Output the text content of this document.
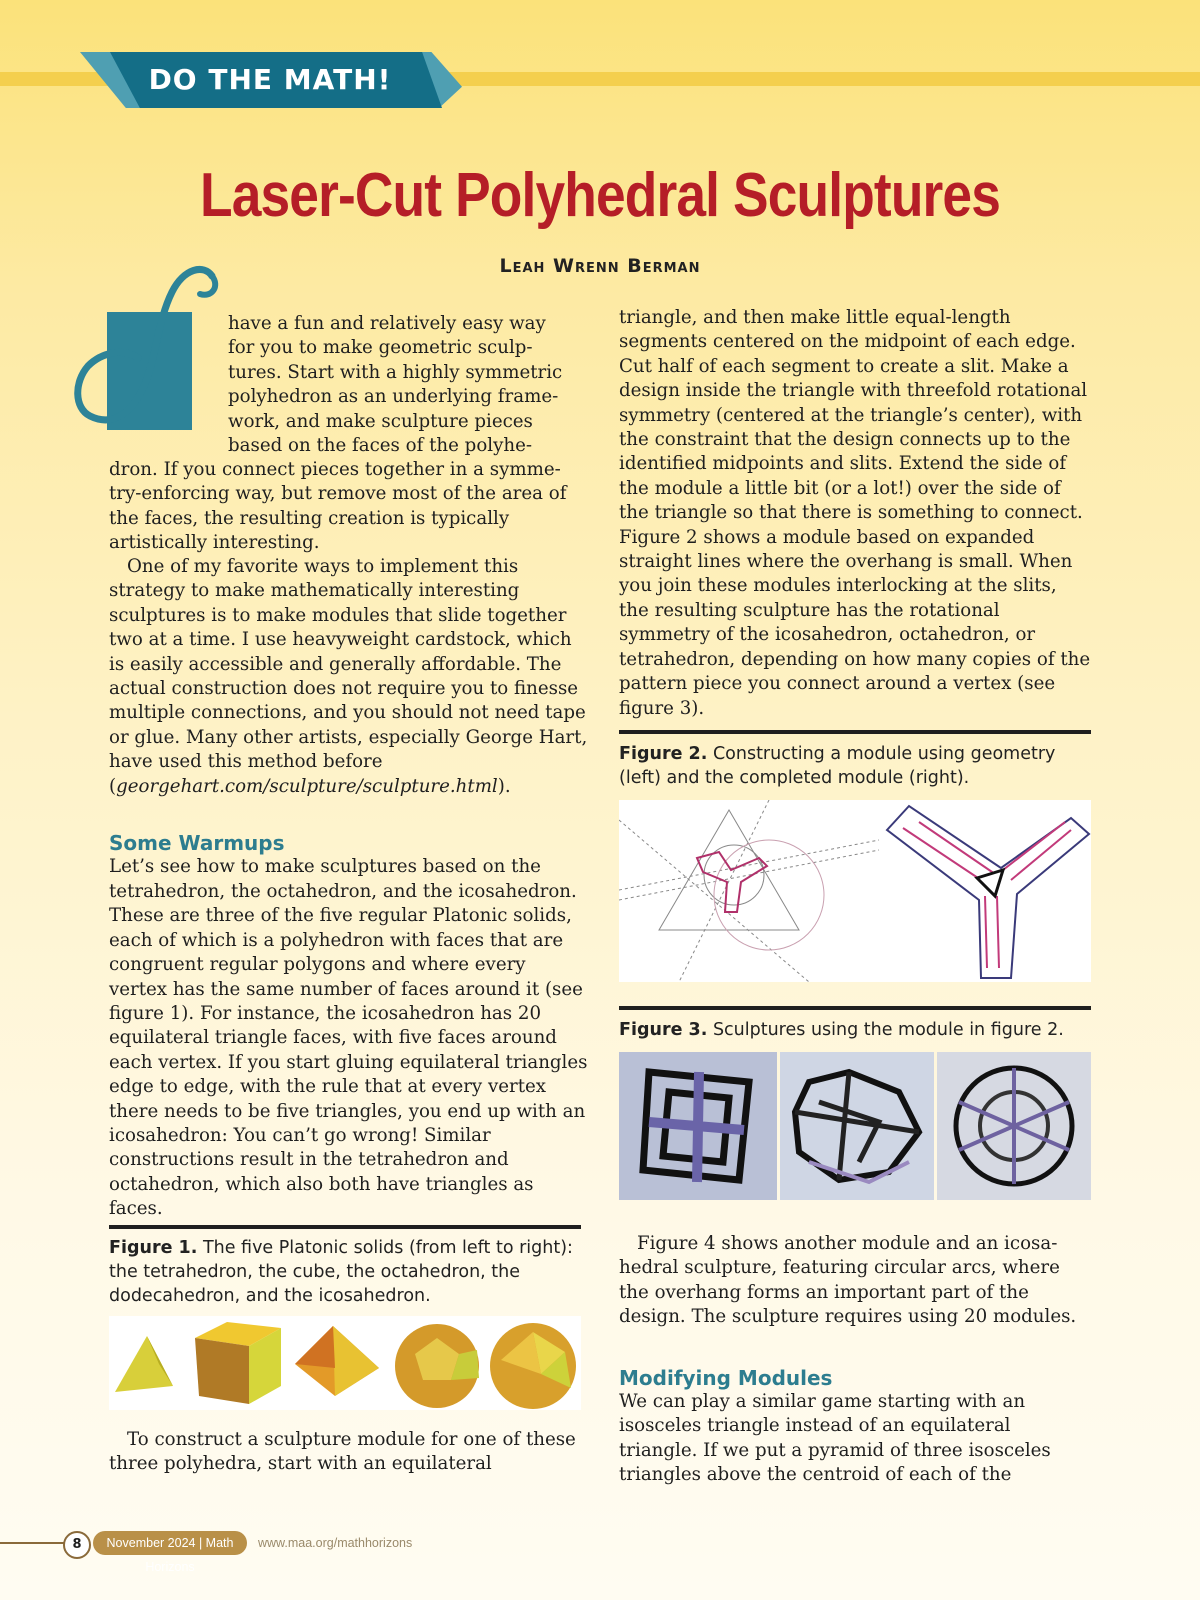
DO THE MATH!
Laser-Cut Polyhedral Sculptures
Leah Wrenn Berman

have a fun and relatively easy way

for you to make geometric sculp-

tures. Start with a highly symmetric

polyhedron as an underlying frame-

work, and make sculpture pieces

based on the faces of the polyhe-

dron. If you connect pieces together in a symme-try-enforcing way, but remove most of the area of the faces, the resulting creation is typically artistically interesting.

One of my favorite ways to implement this strategy to make mathematically interesting sculptures is to make modules that slide together two at a time. I use heavyweight cardstock, which is easily accessible and generally affordable. The actual construction does not require you to finesse multiple connections, and you should not need tape or glue. Many other artists, especially George Hart, have used this method before (georgehart.com/sculpture/sculpture.html).

Some Warmups

Let’s see how to make sculptures based on the tetrahedron, the octahedron, and the icosahedron. These are three of the five regular Platonic solids, each of which is a polyhedron with faces that are congruent regular polygons and where every vertex has the same number of faces around it (see figure 1). For instance, the icosahedron has 20 equilateral triangle faces, with five faces around each vertex. If you start gluing equilateral triangles edge to edge, with the rule that at every vertex there needs to be five triangles, you end up with an icosahedron: You can’t go wrong! Similar constructions result in the tetrahedron and octahedron, which also both have triangles as faces.

Figure 1. The five Platonic solids (from left to right): the tetrahedron, the cube, the octahedron, the dodecahedron, and the icosahedron.

To construct a sculpture module for one of these three polyhedra, start with an equilateral

triangle, and then make little equal-length segments centered on the midpoint of each edge. Cut half of each segment to create a slit. Make a design inside the triangle with threefold rotational symmetry (centered at the triangle’s center), with the constraint that the design connects up to the identified midpoints and slits. Extend the side of the module a little bit (or a lot!) over the side of the triangle so that there is something to connect. Figure 2 shows a module based on expanded straight lines where the overhang is small. When you join these modules interlocking at the slits, the resulting sculpture has the rotational symmetry of the icosahedron, octahedron, or tetrahedron, depending on how many copies of the pattern piece you connect around a vertex (see figure 3).

Figure 2. Constructing a module using geometry (left) and the completed module (right).
Figure 3. Sculptures using the module in figure 2.

Figure 4 shows another module and an icosa-hedral sculpture, featuring circular arcs, where the overhang forms an important part of the design. The sculpture requires using 20 modules.

Modifying Modules

We can play a similar game starting with an isosceles triangle instead of an equilateral triangle. If we put a pyramid of three isosceles triangles above the centroid of each of the

8	November 2024 | Math Horizons
www.maa.org/mathhorizons
